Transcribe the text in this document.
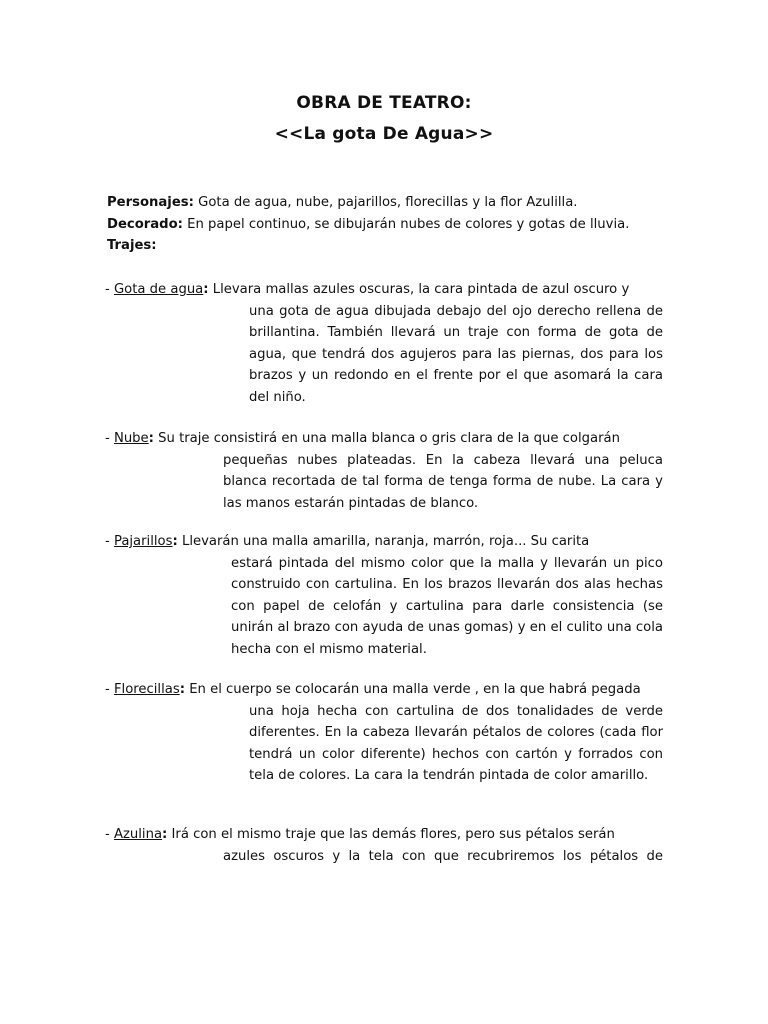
OBRA DE TEATRO:
<<La gota De Agua>>
Personajes: Gota de agua, nube, pajarillos, florecillas y la flor Azulilla.
Decorado: En papel continuo, se dibujarán nubes de colores y gotas de lluvia.
Trajes:
- Gota de agua: Llevara mallas azules oscuras, la cara pintada de azul oscuro y
una gota de agua dibujada debajo del ojo derecho rellena de brillantina. También llevará un traje con forma de gota de agua, que tendrá dos agujeros para las piernas, dos para los brazos y un redondo en el frente por el que asomará la cara del niño.
- Nube: Su traje consistirá en una malla blanca o gris clara de la que colgarán
pequeñas nubes plateadas. En la cabeza llevará una peluca blanca recortada de tal forma de tenga forma de nube. La cara y las manos estarán pintadas de blanco.
- Pajarillos: Llevarán una malla amarilla, naranja, marrón, roja... Su carita
estará pintada del mismo color que la malla y llevarán un pico construido con cartulina. En los brazos llevarán dos alas hechas con papel de celofán y cartulina para darle consistencia (se unirán al brazo con ayuda de unas gomas) y en el culito una cola hecha con el mismo material.
- Florecillas: En el cuerpo se colocarán una malla verde , en la que habrá pegada
una hoja hecha con cartulina de dos tonalidades de verde diferentes. En la cabeza llevarán pétalos de colores (cada flor tendrá un color diferente) hechos con cartón y forrados con tela de colores. La cara la tendrán pintada de color amarillo.
- Azulina: Irá con el mismo traje que las demás flores, pero sus pétalos serán
azules oscuros y la tela con que recubriremos los pétalos de
